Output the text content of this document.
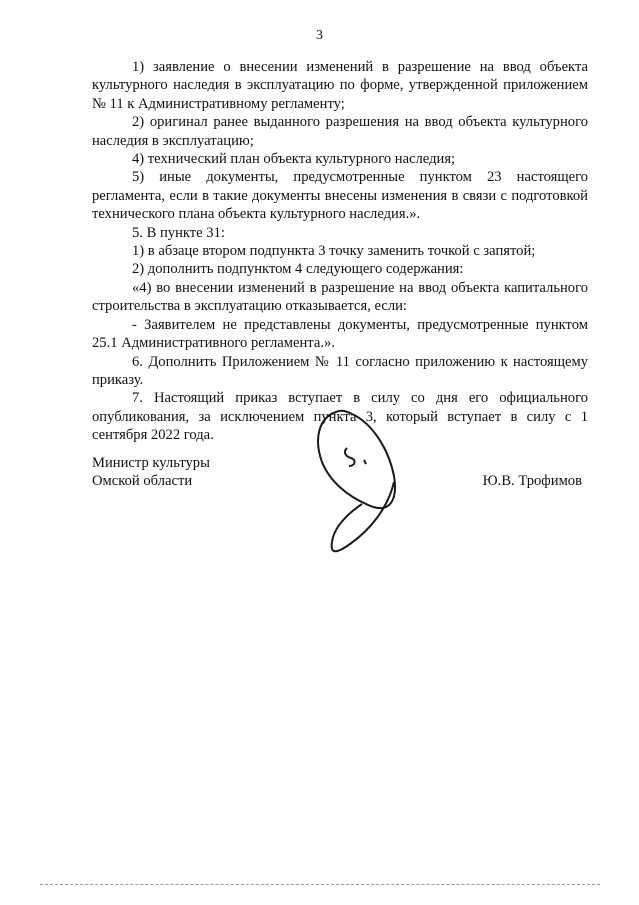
3

1) заявление о внесении изменений в разрешение на ввод объекта культурного наследия в эксплуатацию по форме, утвержденной приложением № 11 к Административному регламенту;

2) оригинал ранее выданного разрешения на ввод объекта культурного наследия в эксплуатацию;

4) технический план объекта культурного наследия;

5) иные документы, предусмотренные пунктом 23 настоящего регламента, если в такие документы внесены изменения в связи с подготовкой технического плана объекта культурного наследия.».

5. В пункте 31:

1) в абзаце втором подпункта 3 точку заменить точкой с запятой;

2) дополнить подпунктом 4 следующего содержания:

«4) во внесении изменений в разрешение на ввод объекта капитального строительства в эксплуатацию отказывается, если:

- Заявителем не представлены документы, предусмотренные пунктом 25.1 Административного регламента.».

6. Дополнить Приложением № 11 согласно приложению к настоящему приказу.

7. Настоящий приказ вступает в силу со дня его официального опубликования, за исключением пункта 3, который вступает в силу с 1 сентября 2022 года.

Министр культуры
Омской области	Ю.В. Трофимов
